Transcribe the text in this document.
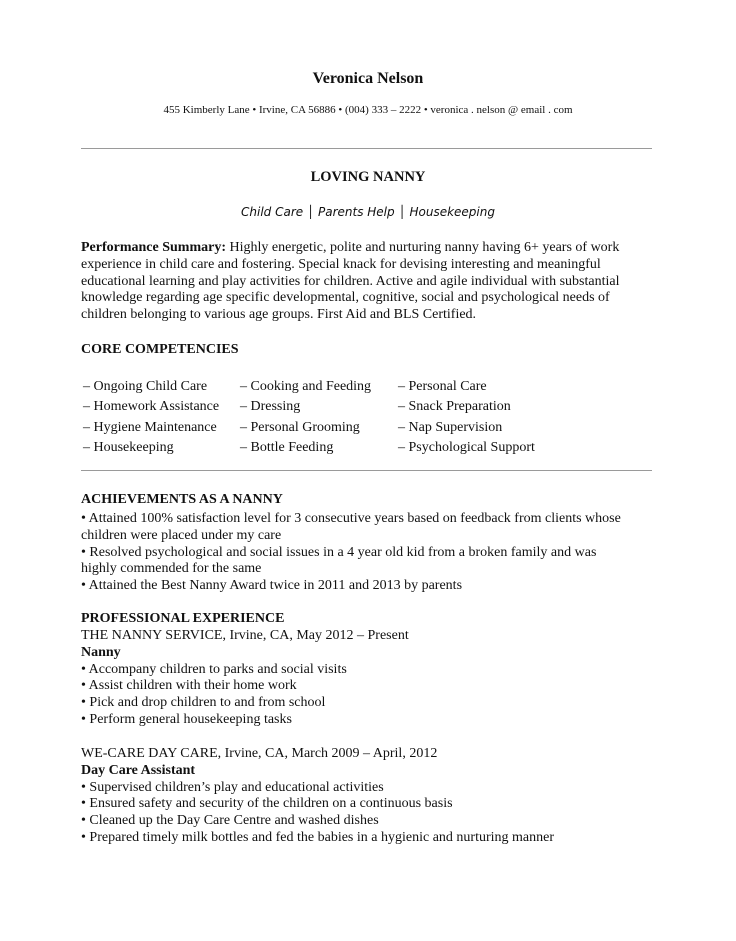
Veronica Nelson
455 Kimberly Lane • Irvine, CA 56886 • (004) 333 – 2222 • veronica . nelson @ email . com
LOVING NANNY
Child Care │ Parents Help │ Housekeeping
Performance Summary: Highly energetic, polite and nurturing nanny having 6+ years of work
experience in child care and fostering. Special knack for devising interesting and meaningful
educational learning and play activities for children. Active and agile individual with substantial
knowledge regarding age specific developmental, cognitive, social and psychological needs of
children belonging to various age groups. First Aid and BLS Certified.
CORE COMPETENCIES
– Ongoing Child Care
– Homework Assistance
– Hygiene Maintenance
– Housekeeping
– Cooking and Feeding
– Dressing
– Personal Grooming
– Bottle Feeding
– Personal Care
– Snack Preparation
– Nap Supervision
– Psychological Support
ACHIEVEMENTS AS A NANNY
• Attained 100% satisfaction level for 3 consecutive years based on feedback from clients whose
children were placed under my care
• Resolved psychological and social issues in a 4 year old kid from a broken family and was
highly commended for the same
• Attained the Best Nanny Award twice in 2011 and 2013 by parents
PROFESSIONAL EXPERIENCE
THE NANNY SERVICE, Irvine, CA, May 2012 – Present
Nanny
• Accompany children to parks and social visits
• Assist children with their home work
• Pick and drop children to and from school
• Perform general housekeeping tasks
WE-CARE DAY CARE, Irvine, CA, March 2009 – April, 2012
Day Care Assistant
• Supervised children’s play and educational activities
• Ensured safety and security of the children on a continuous basis
• Cleaned up the Day Care Centre and washed dishes
• Prepared timely milk bottles and fed the babies in a hygienic and nurturing manner
